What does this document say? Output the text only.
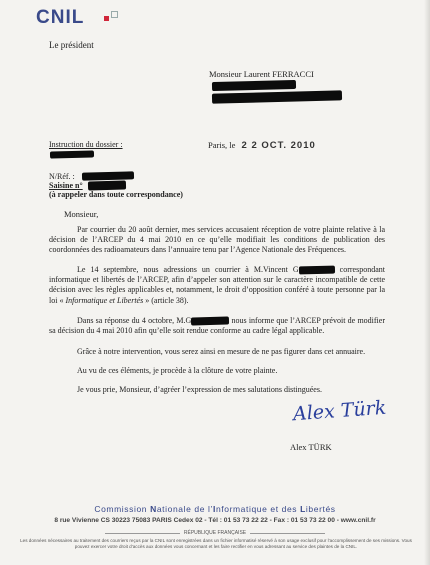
CNIL
Le président
Monsieur Laurent FERRACCI
Instruction du dossier :	Paris, le 2 2 OCT. 2010
N/Réf. :
Saisine n°
(à rappeler dans toute correspondance)
Monsieur,

Par courrier du 20 août dernier, mes services accusaient réception de votre plainte relative à la décision de l’ARCEP du 4 mai 2010 en ce qu’elle modifiait les conditions de publication des coordonnées des radioamateurs dans l’annuaire tenu par l’Agence Nationale des Fréquences.

Le 14 septembre, nous adressions un courrier à M.Vincent G	correspondant informatique et libertés de l’ARCEP, afin d’appeler son attention sur le caractère incompatible de cette décision avec les règles applicables et, notamment, le droit d’opposition conféré à toute personne par la loi « Informatique et Libertés » (article 38).

Dans sa réponse du 4 octobre, M.G	nous informe que l’ARCEP prévoit de modifier sa décision du 4 mai 2010 afin qu’elle soit rendue conforme au cadre légal applicable.

Grâce à notre intervention, vous serez ainsi en mesure de ne pas figurer dans cet annuaire.

Au vu de ces éléments, je procède à la clôture de votre plainte.

Je vous prie, Monsieur, d’agréer l’expression de mes salutations distinguées.

Alex Türk
Alex TÜRK
Commission Nationale de l’Informatique et des Libertés
8 rue Vivienne CS 30223 75083 PARIS Cedex 02 - Tél : 01 53 73 22 22 - Fax : 01 53 73 22 00 - www.cnil.fr
RÉPUBLIQUE FRANÇAISE
Les données nécessaires au traitement des courriers reçus par la CNIL sont enregistrées dans un fichier informatisé réservé à son usage exclusif pour l’accomplissement de ses missions. Vous pouvez exercer votre droit d’accès aux données vous concernant et les faire rectifier en vous adressant au service des plaintes de la CNIL.
